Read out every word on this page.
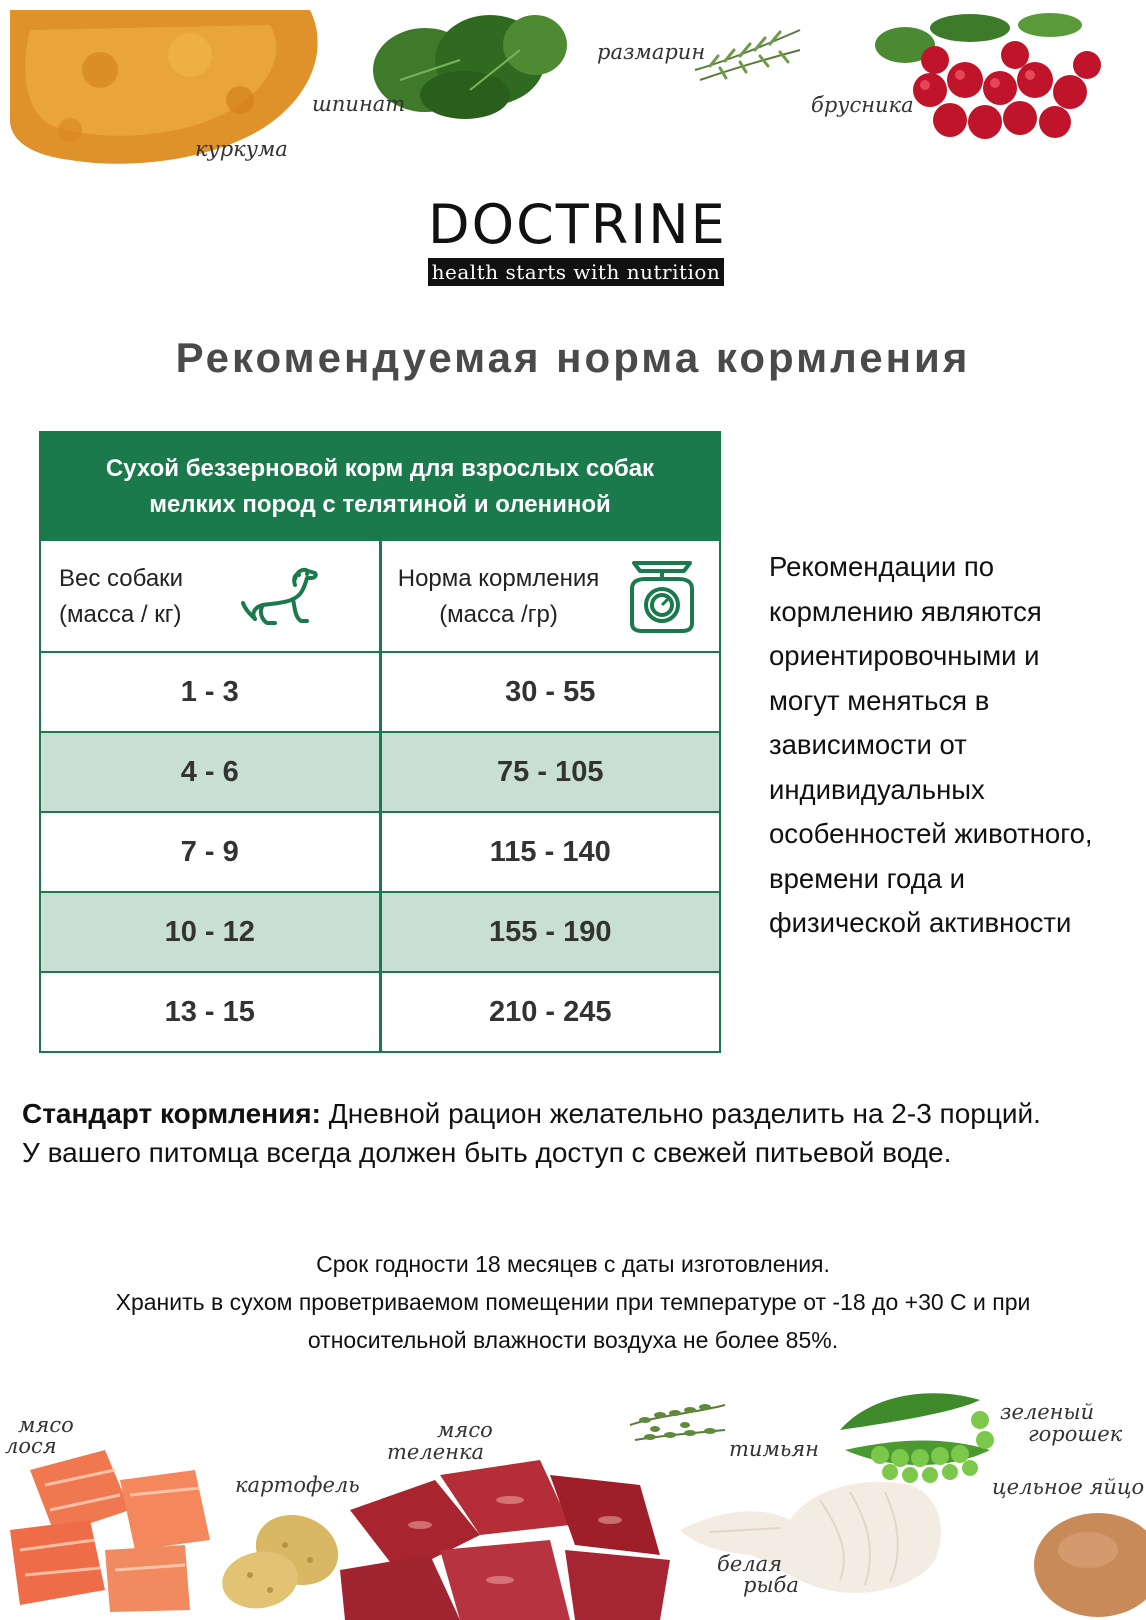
куркума
шпинат
размарин
брусника
DOCTRINE
health starts with nutrition
Рекомендуемая норма кормления
Сухой беззерновой корм для взрослых собак
мелких пород с телятиной и олениной
Вес собаки
(масса / кг)
Норма кормления
(масса /гр)
1 - 3	30 - 55
4 - 6	75 - 105
7 - 9	115 - 140
10 - 12	155 - 190
13 - 15	210 - 245
Рекомендации по
кормлению являются
ориентировочными и
могут меняться в
зависимости от
индивидуальных
особенностей животного,
времени года и
физической активности
Стандарт кормления: Дневной рацион желательно разделить на 2-3 порций.
У вашего питомца всегда должен быть доступ с свежей питьевой воде.
Срок годности 18 месяцев с даты изготовления.
Хранить в сухом проветриваемом помещении при температуре от -18 до +30 С и при
относительной влажности воздуха не более 85%.
мясо
лося
картофель
мясо
теленка	тимьян
белая
рыба
зеленый
горошек
цельное яйцо
